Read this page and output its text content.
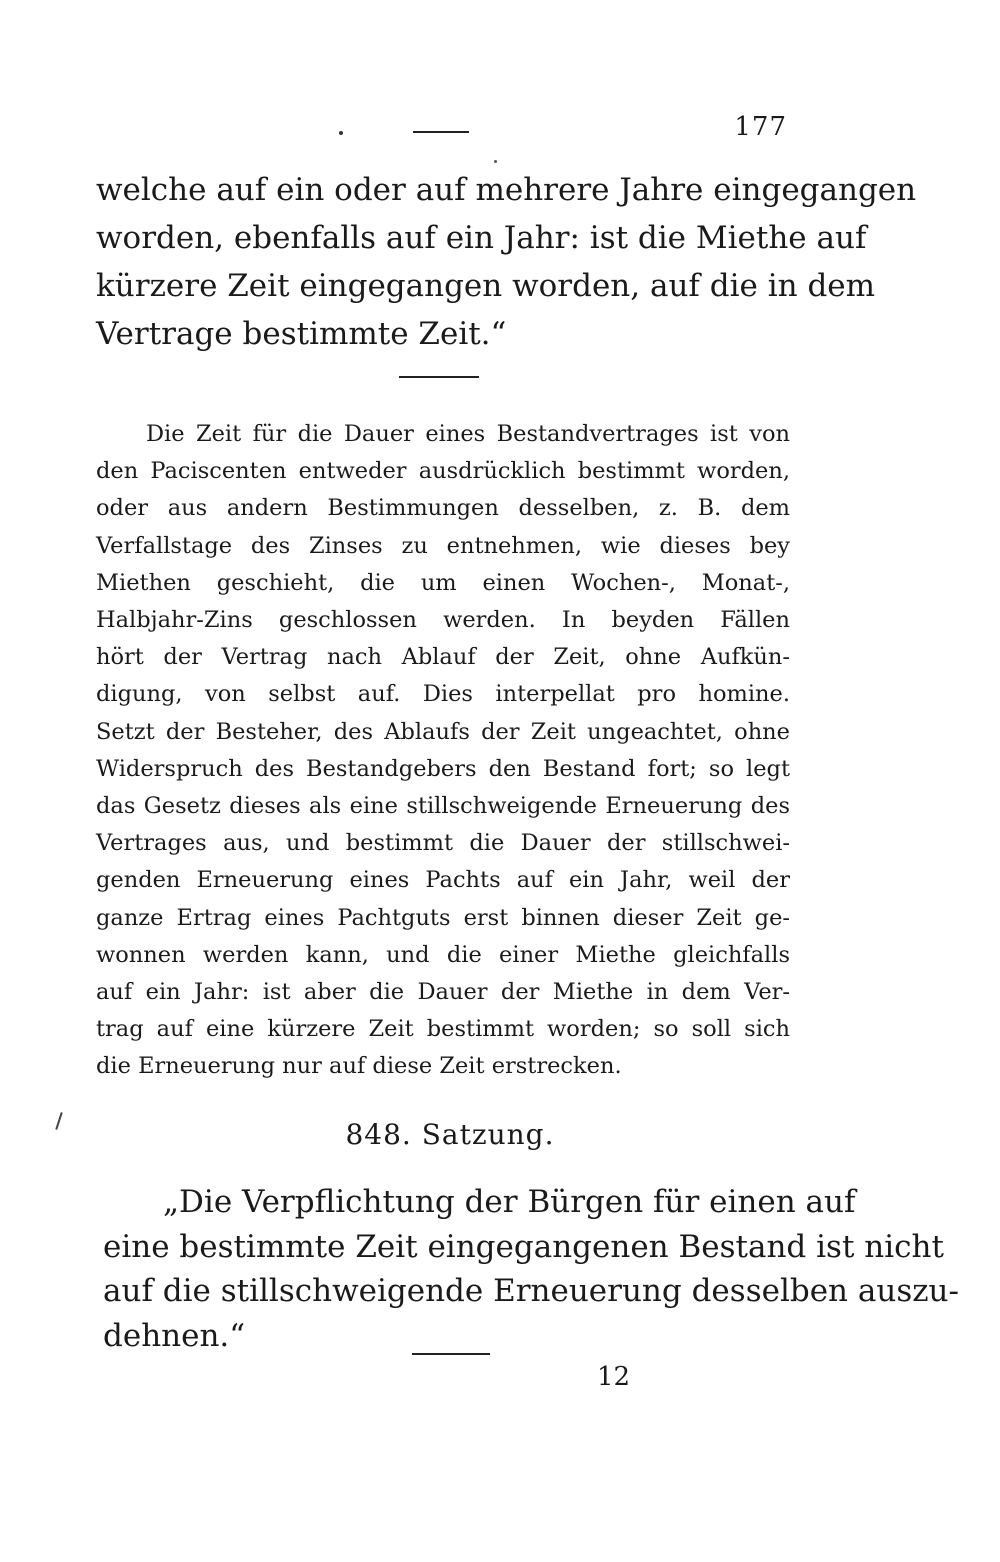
177
welche auf ein oder auf mehrere Jahre eingegangen
worden, ebenfalls auf ein Jahr: ist die Miethe auf
kürzere Zeit eingegangen worden, auf die in dem
Vertrage bestimmte Zeit.“
Die Zeit für die Dauer eines Bestandvertrages ist von
den Paciscenten entweder ausdrücklich bestimmt worden,
oder aus andern Bestimmungen desselben, z. B. dem
Verfallstage des Zinses zu entnehmen, wie dieses bey
Miethen geschieht, die um einen Wochen-, Monat-,
Halbjahr-Zins geschlossen werden. In beyden Fällen
hört der Vertrag nach Ablauf der Zeit, ohne Aufkün-
digung, von selbst auf. Dies interpellat pro homine.
Setzt der Besteher, des Ablaufs der Zeit ungeachtet, ohne
Widerspruch des Bestandgebers den Bestand fort; so legt
das Gesetz dieses als eine stillschweigende Erneuerung des
Vertrages aus, und bestimmt die Dauer der stillschwei-
genden Erneuerung eines Pachts auf ein Jahr, weil der
ganze Ertrag eines Pachtguts erst binnen dieser Zeit ge-
wonnen werden kann, und die einer Miethe gleichfalls
auf ein Jahr: ist aber die Dauer der Miethe in dem Ver-
trag auf eine kürzere Zeit bestimmt worden; so soll sich
die Erneuerung nur auf diese Zeit erstrecken.
848. Satzung.
„Die Verpflichtung der Bürgen für einen auf
eine bestimmte Zeit eingegangenen Bestand ist nicht
auf die stillschweigende Erneuerung desselben auszu-
dehnen.“
12
